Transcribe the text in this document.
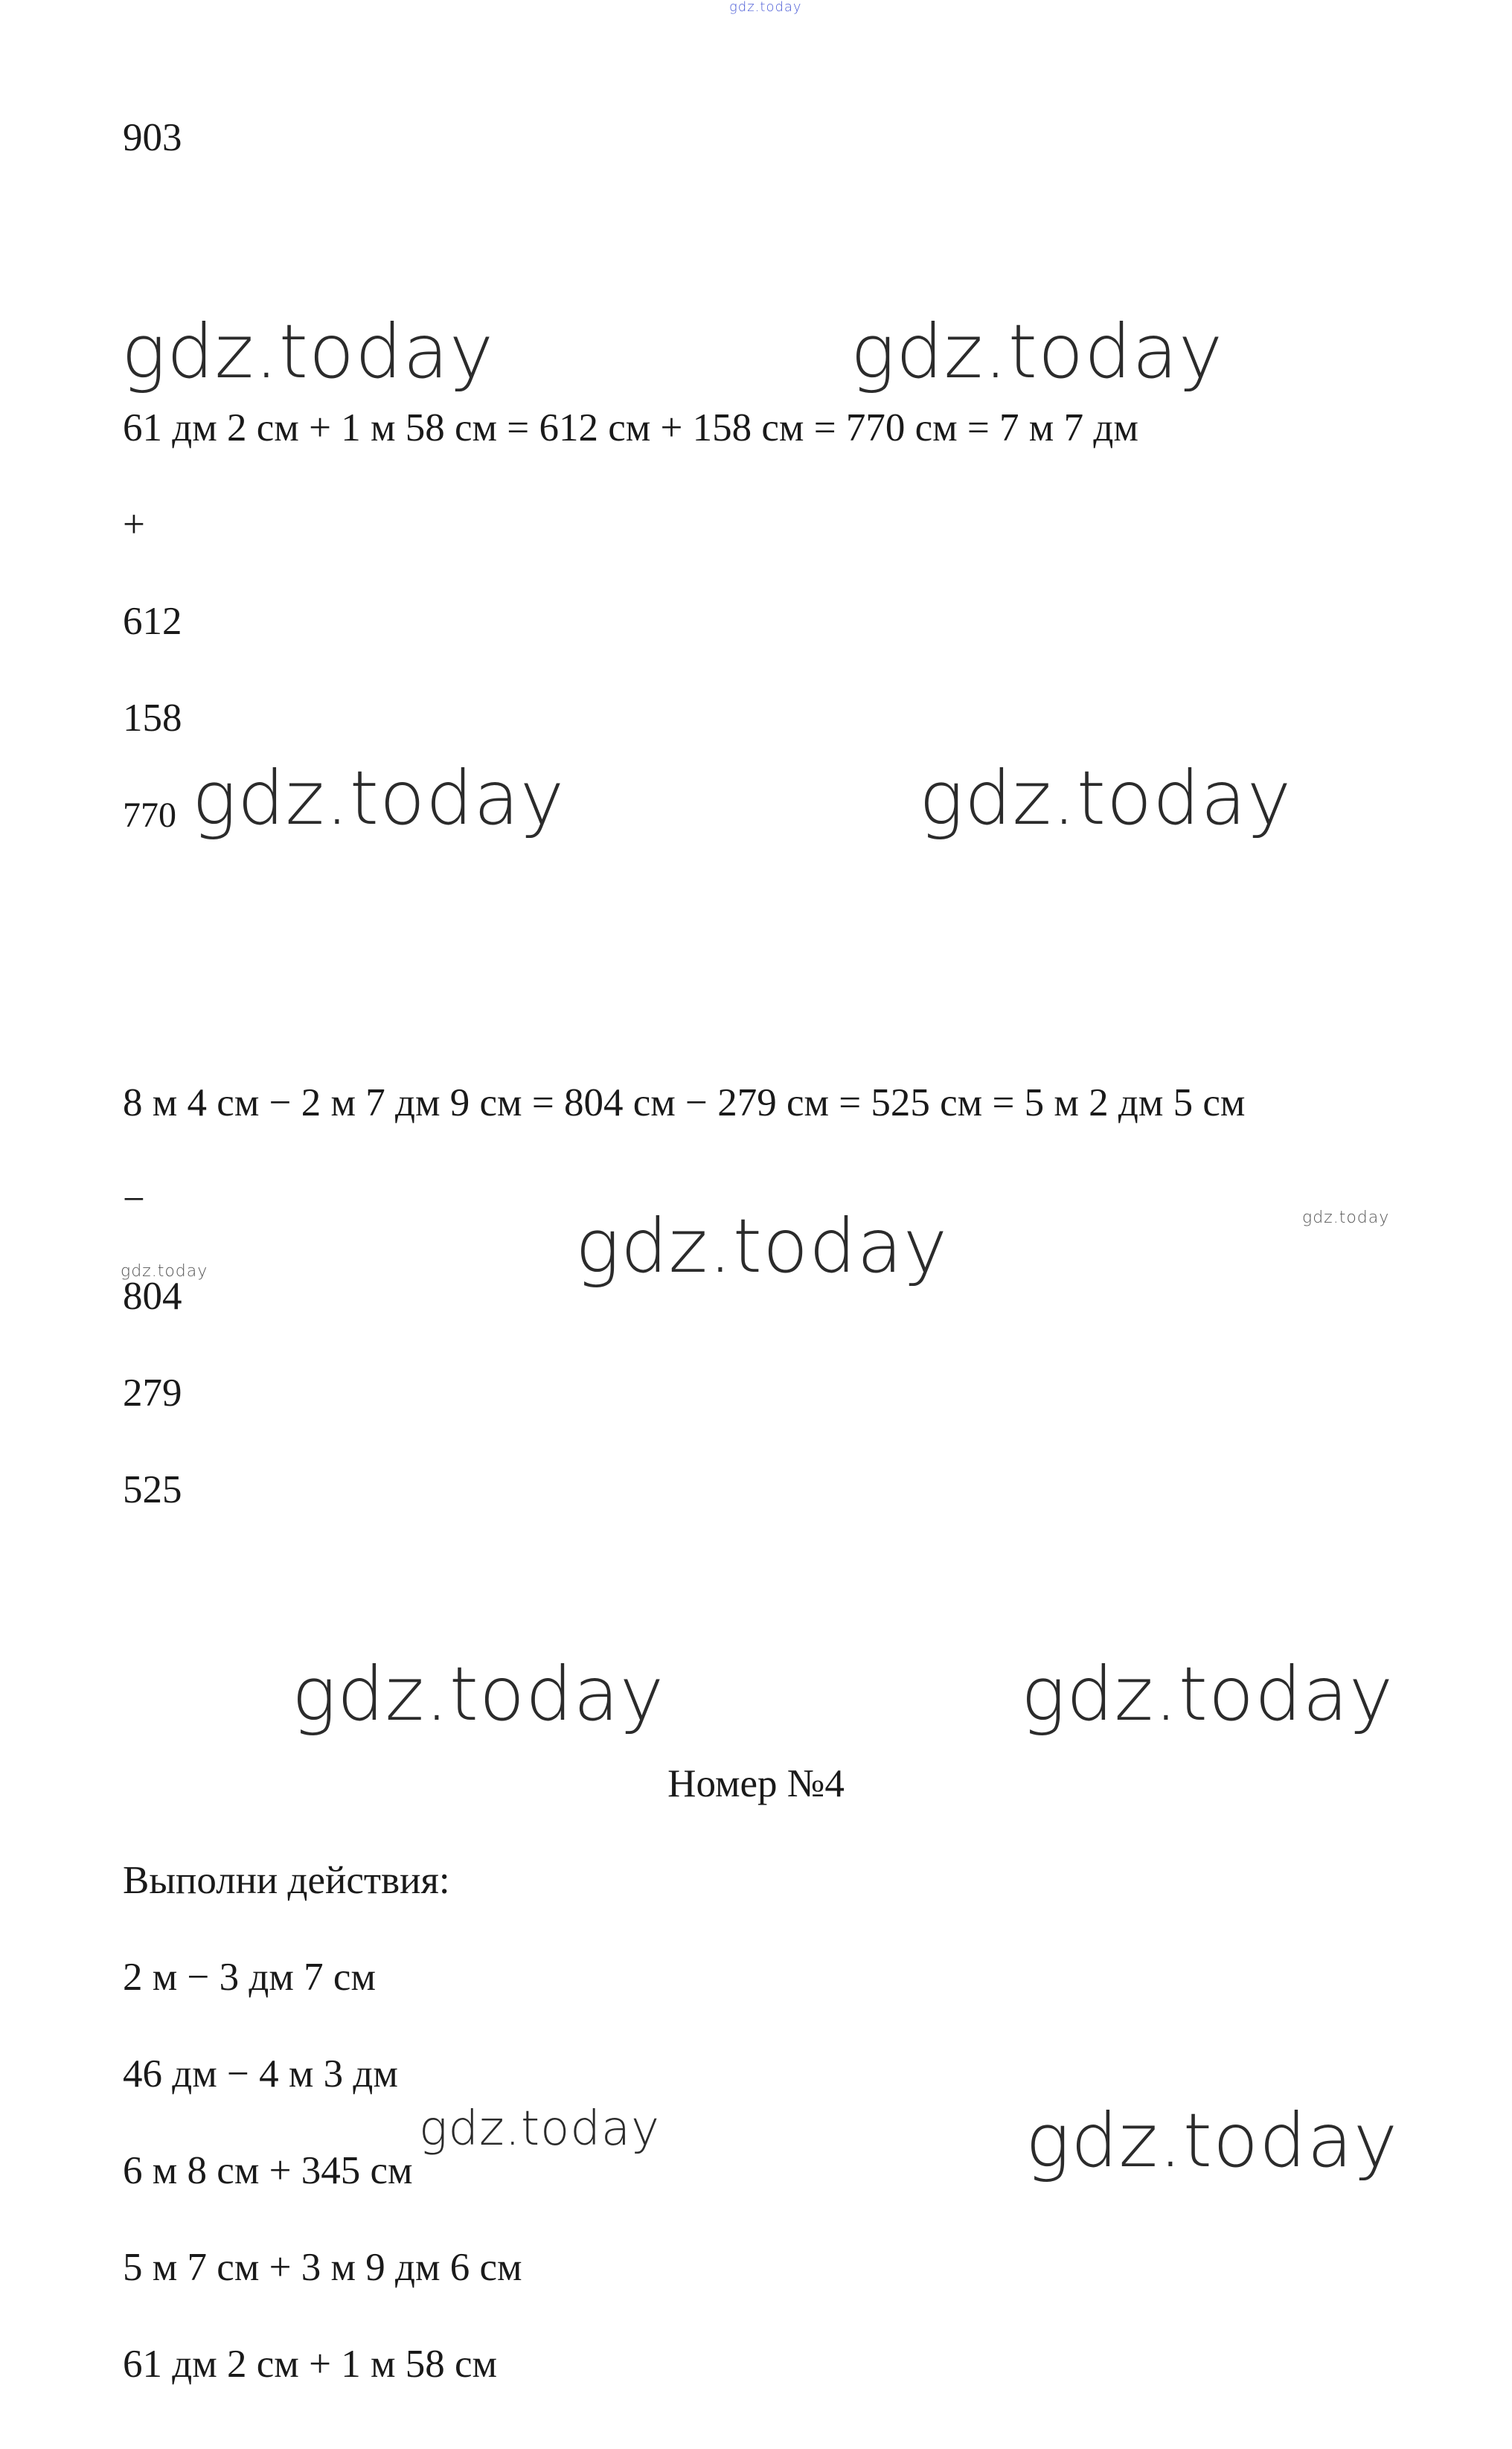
gdz.today
903
gdz.today	gdz.today
61 дм 2 см + 1 м 58 см = 612 см + 158 см = 770 см = 7 м 7 дм
+
612
158
770 gdz.today	gdz.today
8 м 4 см − 2 м 7 дм 9 см = 804 см − 279 см = 525 см = 5 м 2 дм 5 см
−	gdz.today
gdz.today
gdz.today
804
279
525
gdz.today	gdz.today
Номер №4
Выполни действия:
2 м − 3 дм 7 см
46 дм − 4 м 3 дм
gdz.today	gdz.today
6 м 8 см + 345 см
5 м 7 см + 3 м 9 дм 6 см
61 дм 2 см + 1 м 58 см
